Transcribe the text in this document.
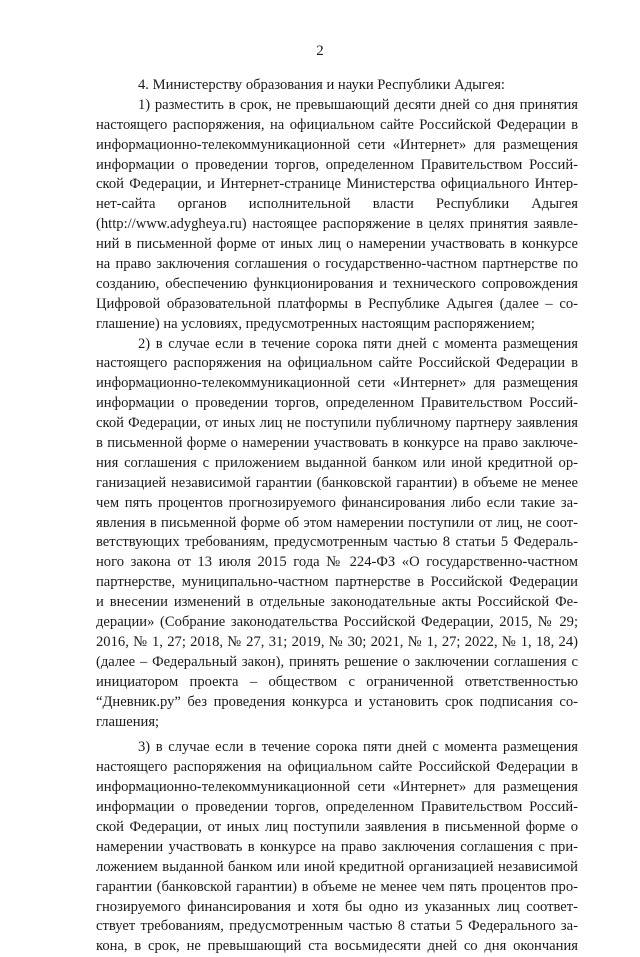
2
4. Министерству образования и науки Республики Адыгея:
1) разместить в срок, не превышающий десяти дней со дня принятия
настоящего распоряжения, на официальном сайте Российской Федерации в
информационно-телекоммуникационной сети «Интернет» для размещения
информации о проведении торгов, определенном Правительством Россий-
ской Федерации, и Интернет-странице Министерства официального Интер-
нет-сайта органов исполнительной власти Республики Адыгея
(http://www.adygheya.ru) настоящее распоряжение в целях принятия заявле-
ний в письменной форме от иных лиц о намерении участвовать в конкурсе
на право заключения соглашения о государственно-частном партнерстве по
созданию, обеспечению функционирования и технического сопровождения
Цифровой образовательной платформы в Республике Адыгея (далее – со-
глашение) на условиях, предусмотренных настоящим распоряжением;
2) в случае если в течение сорока пяти дней с момента размещения
настоящего распоряжения на официальном сайте Российской Федерации в
информационно-телекоммуникационной сети «Интернет» для размещения
информации о проведении торгов, определенном Правительством Россий-
ской Федерации, от иных лиц не поступили публичному партнеру заявления
в письменной форме о намерении участвовать в конкурсе на право заключе-
ния соглашения с приложением выданной банком или иной кредитной ор-
ганизацией независимой гарантии (банковской гарантии) в объеме не менее
чем пять процентов прогнозируемого финансирования либо если такие за-
явления в письменной форме об этом намерении поступили от лиц, не соот-
ветствующих требованиям, предусмотренным частью 8 статьи 5 Федераль-
ного закона от 13 июля 2015 года № 224-ФЗ «О государственно-частном
партнерстве, муниципально-частном партнерстве в Российской Федерации
и внесении изменений в отдельные законодательные акты Российской Фе-
дерации» (Собрание законодательства Российской Федерации, 2015, № 29;
2016, № 1, 27; 2018, № 27, 31; 2019, № 30; 2021, № 1, 27; 2022, № 1, 18, 24)
(далее – Федеральный закон), принять решение о заключении соглашения с
инициатором проекта – обществом с ограниченной ответственностью
“Дневник.ру” без проведения конкурса и установить срок подписания со-
глашения;
3) в случае если в течение сорока пяти дней с момента размещения
настоящего распоряжения на официальном сайте Российской Федерации в
информационно-телекоммуникационной сети «Интернет» для размещения
информации о проведении торгов, определенном Правительством Россий-
ской Федерации, от иных лиц поступили заявления в письменной форме о
намерении участвовать в конкурсе на право заключения соглашения с при-
ложением выданной банком или иной кредитной организацией независимой
гарантии (банковской гарантии) в объеме не менее чем пять процентов про-
гнозируемого финансирования и хотя бы одно из указанных лиц соответ-
ствует требованиям, предусмотренным частью 8 статьи 5 Федерального за-
кона, в срок, не превышающий ста восьмидесяти дней со дня окончания
